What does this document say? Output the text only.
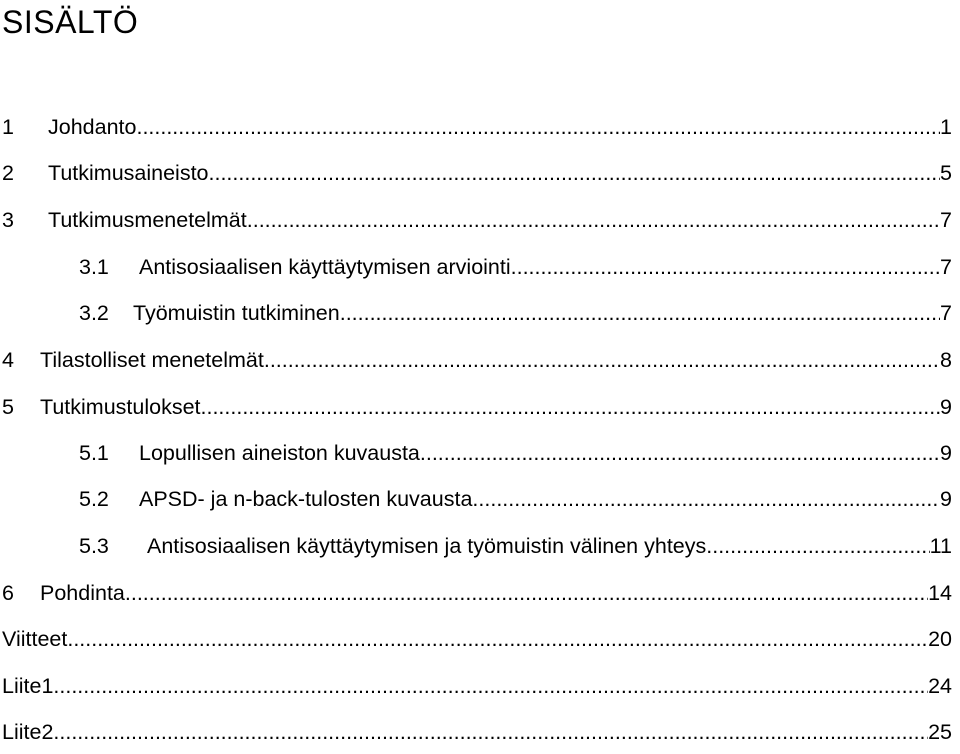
SISÄLTÖ
1	Johdanto .....	1
2	Tutkimusaineisto .....	5
3	Tutkimusmenetelmät .....	7
3.1	Antisosiaalisen käyttäytymisen arviointi .....	7
3.2	Työmuistin tutkiminen .....	7
4	Tilastolliset menetelmät .....	8
5	Tutkimustulokset .....	9
5.1	Lopullisen aineiston kuvausta .....	9
5.2	APSD- ja n-back-tulosten kuvausta .....	9
5.3	Antisosiaalisen käyttäytymisen ja työmuistin välinen yhteys .....	11
6	Pohdinta .....	14
Viitteet .....	20
Liite1 .....	24
Liite2 .....	25
